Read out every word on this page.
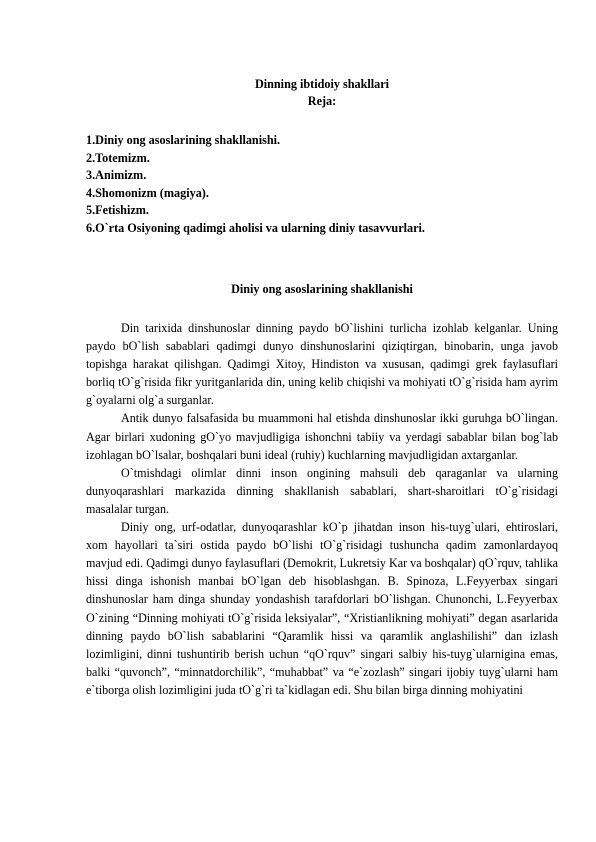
Dinning ibtidoiy shakllari
Reja:
1.Diniy ong asoslarining shakllanishi.
2.Totemizm.
3.Animizm.
4.Shomonizm (magiya).
5.Fetishizm.
6.O`rta Osiyoning qadimgi aholisi va ularning diniy tasavvurlari.
Diniy ong asoslarining shakllanishi

Din tarixida dinshunoslar dinning paydo bO`lishini turlicha izohlab kelganlar. Uning paydo bO`lish sabablari qadimgi dunyo dinshunoslarini qiziqtirgan, binobarin, unga javob topishga harakat qilishgan. Qadimgi Xitoy, Hindiston va xususan, qadimgi grek faylasuflari borliq tO`g`risida fikr yuritganlarida din, uning kelib chiqishi va mohiyati tO`g`risida ham ayrim g`oyalarni olg`a surganlar.

Antik dunyo falsafasida bu muammoni hal etishda dinshunoslar ikki guruhga bO`lingan. Agar birlari xudoning gO`yo mavjudligiga ishonchni tabiiy va yerdagi sabablar bilan bog`lab izohlagan bO`lsalar, boshqalari buni ideal (ruhiy) kuchlarning mavjudligidan axtarganlar.

O`tmishdagi olimlar dinni inson ongining mahsuli deb qaraganlar va ularning dunyoqarashlari markazida dinning shakllanish sabablari, shart-sharoitlari tO`g`risidagi masalalar turgan.

Diniy ong, urf-odatlar, dunyoqarashlar kO`p jihatdan inson his-tuyg`ulari, ehtiroslari, xom hayollari ta`siri ostida paydo bO`lishi tO`g`risidagi tushuncha qadim zamonlardayoq mavjud edi. Qadimgi dunyo faylasuflari (Demokrit, Lukretsiy Kar va boshqalar) qO`rquv, tahlika hissi dinga ishonish manbai bO`lgan deb hisoblashgan. B. Spinoza, L.Feyyerbax singari dinshunoslar ham dinga shunday yondashish tarafdorlari bO`lishgan. Chunonchi, L.Feyyerbax O`zining “Dinning mohiyati tO`g`risida leksiyalar”, “Xristianlikning mohiyati” degan asarlarida dinning paydo bO`lish sabablarini “Qaramlik hissi va qaramlik anglashilishi” dan izlash lozimligini, dinni tushuntirib berish uchun “qO`rquv” singari salbiy his-tuyg`ularnigina emas, balki “quvonch”, “minnatdorchilik”, “muhabbat” va “e`zozlash” singari ijobiy tuyg`ularni ham e`tiborga olish lozimligini juda tO`g`ri ta`kidlagan edi. Shu bilan birga dinning mohiyatini
